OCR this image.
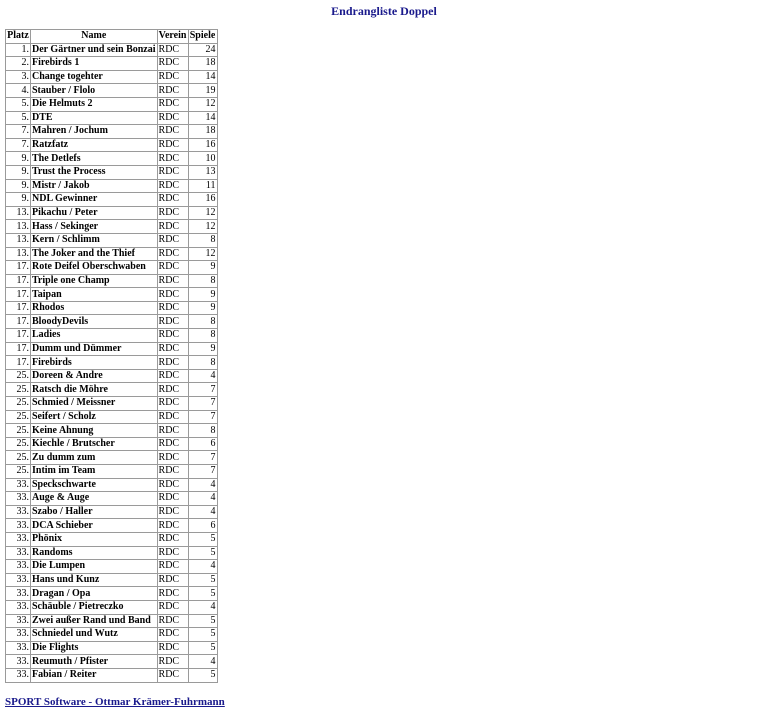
Endrangliste Doppel
Platz	Name	Verein	Spiele
1.	Der Gärtner und sein Bonzai	RDC	24
2.	Firebirds 1	RDC	18
3.	Change togehter	RDC	14
4.	Stauber / Flolo	RDC	19
5.	Die Helmuts 2	RDC	12
5.	DTE	RDC	14
7.	Mahren / Jochum	RDC	18
7.	Ratzfatz	RDC	16
9.	The Detlefs	RDC	10
9.	Trust the Process	RDC	13
9.	Mistr / Jakob	RDC	11
9.	NDL Gewinner	RDC	16
13.	Pikachu / Peter	RDC	12
13.	Hass / Sekinger	RDC	12
13.	Kern / Schlimm	RDC	8
13.	The Joker and the Thief	RDC	12
17.	Rote Deifel Oberschwaben	RDC	9
17.	Triple one Champ	RDC	8
17.	Taipan	RDC	9
17.	Rhodos	RDC	9
17.	BloodyDevils	RDC	8
17.	Ladies	RDC	8
17.	Dumm und Dümmer	RDC	9
17.	Firebirds	RDC	8
25.	Doreen & Andre	RDC	4
25.	Ratsch die Möhre	RDC	7
25.	Schmied / Meissner	RDC	7
25.	Seifert / Scholz	RDC	7
25.	Keine Ahnung	RDC	8
25.	Kiechle / Brutscher	RDC	6
25.	Zu dumm zum	RDC	7
25.	Intim im Team	RDC	7
33.	Speckschwarte	RDC	4
33.	Auge & Auge	RDC	4
33.	Szabo / Haller	RDC	4
33.	DCA Schieber	RDC	6
33.	Phönix	RDC	5
33.	Randoms	RDC	5
33.	Die Lumpen	RDC	4
33.	Hans und Kunz	RDC	5
33.	Dragan / Opa	RDC	5
33.	Schäuble / Pietreczko	RDC	4
33.	Zwei außer Rand und Band	RDC	5
33.	Schniedel und Wutz	RDC	5
33.	Die Flights	RDC	5
33.	Reumuth / Pfister	RDC	4
33.	Fabian / Reiter	RDC	5
SPORT Software - Ottmar Krämer-Fuhrmann
